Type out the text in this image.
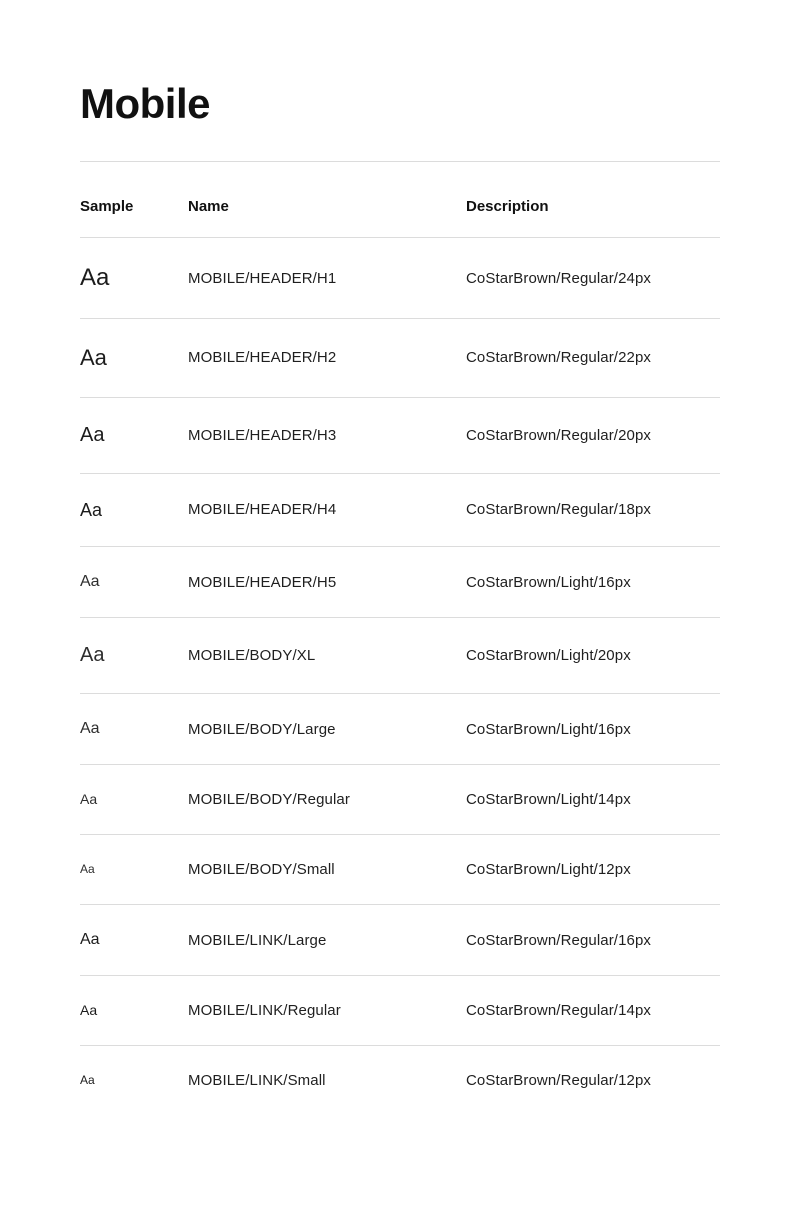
Mobile
Sample	Name	Description
Aa	MOBILE/HEADER/H1	CoStarBrown/Regular/24px
Aa	MOBILE/HEADER/H2	CoStarBrown/Regular/22px
Aa	MOBILE/HEADER/H3	CoStarBrown/Regular/20px
Aa	MOBILE/HEADER/H4	CoStarBrown/Regular/18px
Aa	MOBILE/HEADER/H5	CoStarBrown/Light/16px
Aa	MOBILE/BODY/XL	CoStarBrown/Light/20px
Aa	MOBILE/BODY/Large	CoStarBrown/Light/16px
Aa	MOBILE/BODY/Regular	CoStarBrown/Light/14px
Aa	MOBILE/BODY/Small	CoStarBrown/Light/12px
Aa	MOBILE/LINK/Large	CoStarBrown/Regular/16px
Aa	MOBILE/LINK/Regular	CoStarBrown/Regular/14px
Aa	MOBILE/LINK/Small	CoStarBrown/Regular/12px
